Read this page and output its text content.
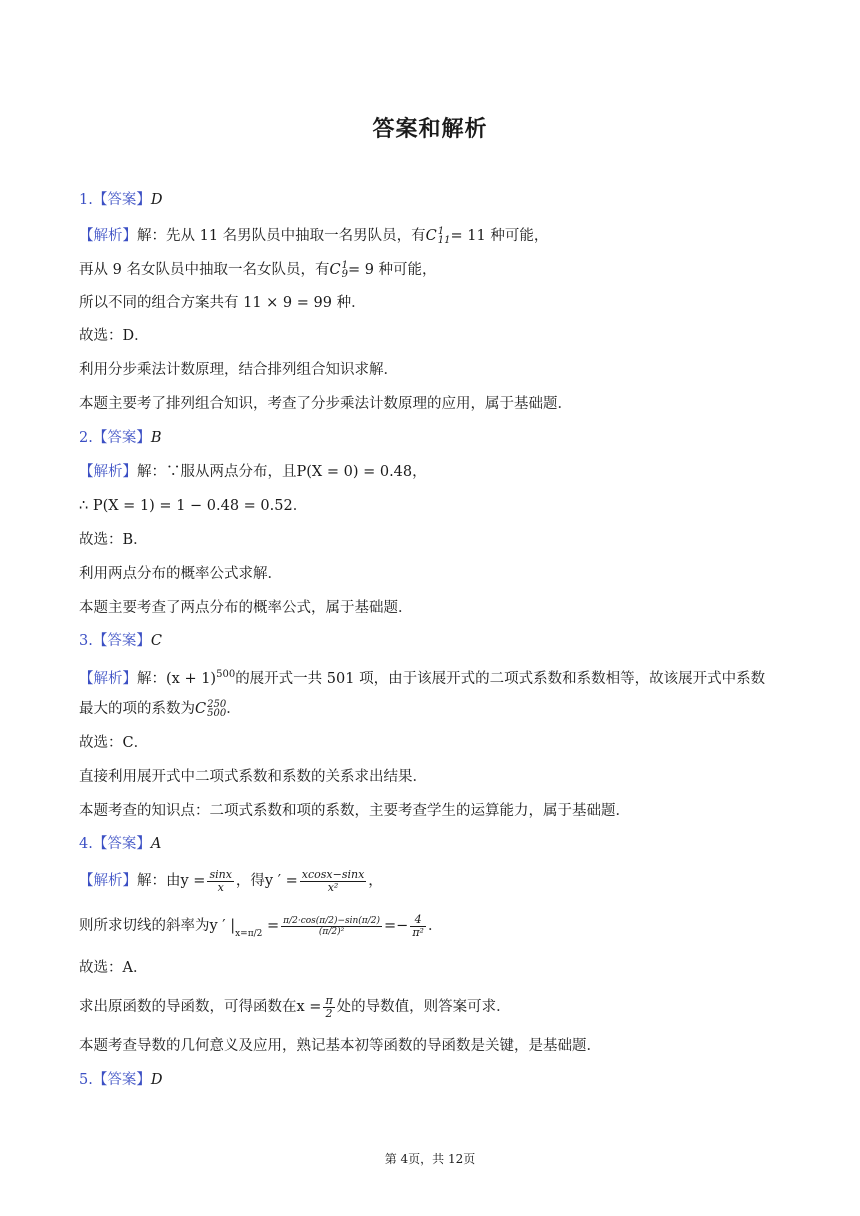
答案和解析
1.【答案】D
【解析】解：先从 11 名男队员中抽取一名男队员，有C 1
11 = 11 种可能，
再从 9 名女队员中抽取一名女队员，有C 1
9 = 9 种可能，
所以不同的组合方案共有 11 × 9 = 99 种．
故选：D．
利用分步乘法计数原理，结合排列组合知识求解．
本题主要考了排列组合知识，考查了分步乘法计数原理的应用，属于基础题．
2.【答案】B
【解析】解：∵服从两点分布，且P(X = 0) = 0.48，
∴ P(X = 1) = 1 − 0.48 = 0.52．
故选：B．
利用两点分布的概率公式求解．
本题主要考查了两点分布的概率公式，属于基础题．
3.【答案】C
【解析】解：$(x + 1)^{500}$的展开式一共 501 项，由于该展开式的二项式系数和系数相等，故该展开式中系数
最大的项的系数为C 250
500 ．
故选：C．
直接利用展开式中二项式系数和系数的关系求出结果．
本题考查的知识点：二项式系数和项的系数，主要考查学生的运算能力，属于基础题．
4.【答案】A
【解析】解：由$y = \frac{\sin x}{x}$ ，得y ′ = $\frac{xcosx-\sin x}{\text{x²}}$ ，
则所求切线的斜率为y ′ $|_{x=\pi/2} = \frac{\pi/2\cdot\cos(\pi/2)-\sin(\pi/2)}{\text{(π/2)²}} =- \frac{4}{\text{π²}}$ ．
故选：A．
求出原函数的导函数，可得函数在$x = \frac{\pi}{2}$ 处的导数值，则答案可求．
本题考查导数的几何意义及应用，熟记基本初等函数的导函数是关键，是基础题．
5.【答案】D
第 4页，共 12页
